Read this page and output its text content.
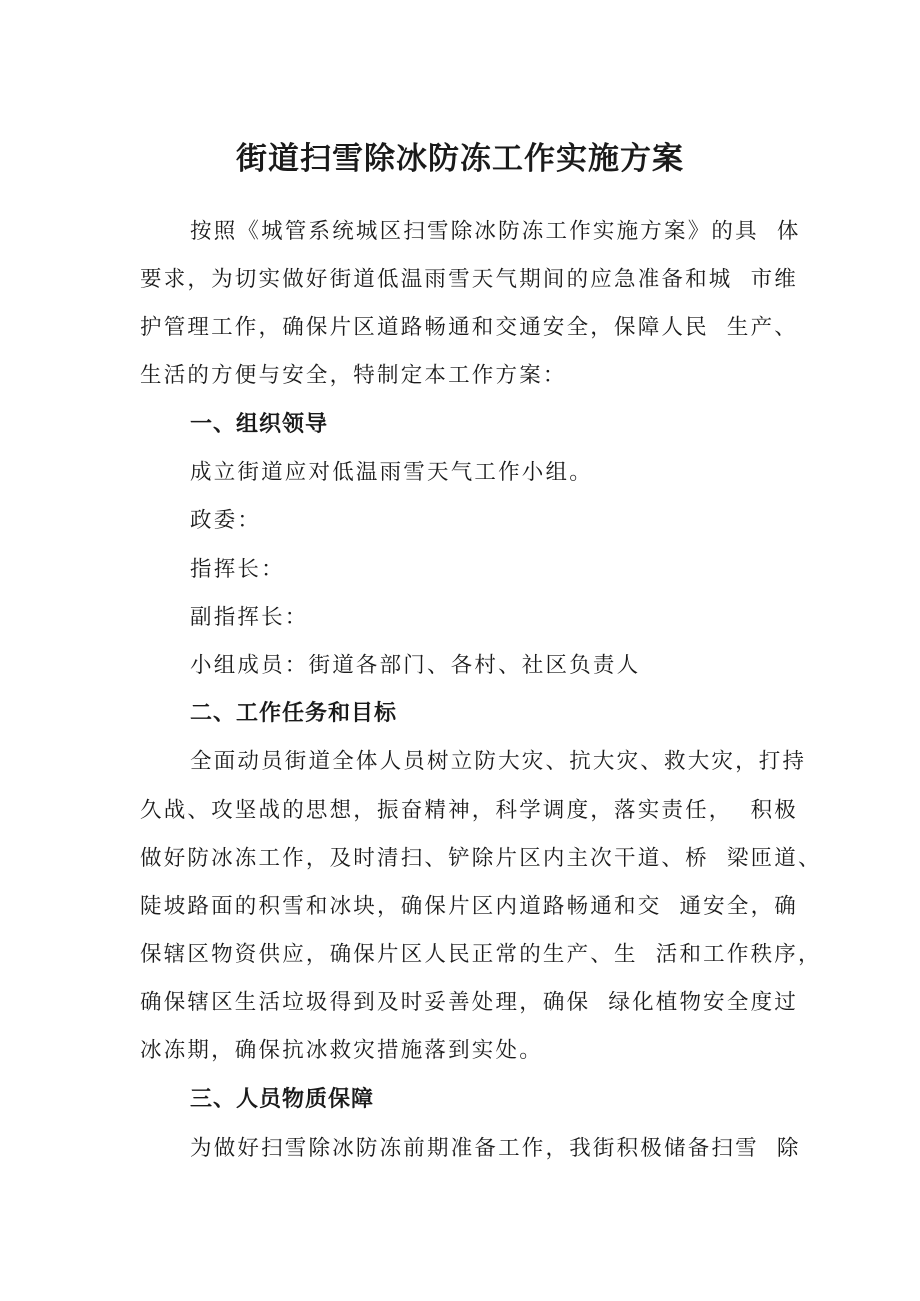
街道扫雪除冰防冻工作实施方案
按照《城管系统城区扫雪除冰防冻工作实施方案》的具  体
要求，为切实做好街道低温雨雪天气期间的应急准备和城  市维
护管理工作，确保片区道路畅通和交通安全，保障人民  生产、
生活的方便与安全，特制定本工作方案：
一、组织领导
成立街道应对低温雨雪天气工作小组。
政委：
指挥长：
副指挥长：
小组成员：街道各部门、各村、社区负责人
二、工作任务和目标
全面动员街道全体人员树立防大灾、抗大灾、救大灾，打持
久战、攻坚战的思想，振奋精神，科学调度，落实责任，  积极
做好防冰冻工作，及时清扫、铲除片区内主次干道、桥  梁匝道、
陡坡路面的积雪和冰块，确保片区内道路畅通和交  通安全，确
保辖区物资供应，确保片区人民正常的生产、生  活和工作秩序，
确保辖区生活垃圾得到及时妥善处理，确保  绿化植物安全度过
冰冻期，确保抗冰救灾措施落到实处。
三、人员物质保障
为做好扫雪除冰防冻前期准备工作，我街积极储备扫雪  除
